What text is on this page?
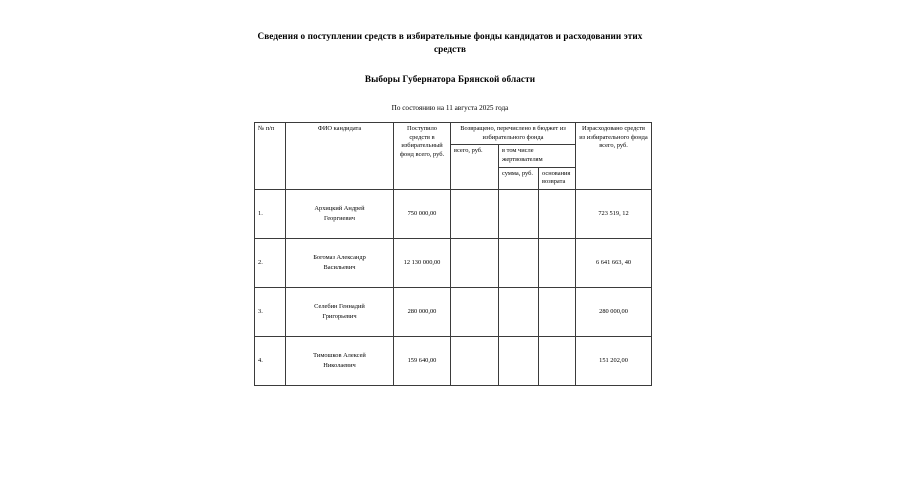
Сведения о поступлении средств в избирательные фонды кандидатов и расходовании этих средств
Выборы Губернатора Брянской области
По состоянию на 11 августа 2025 года
№ п/п	ФИО кандидата	Поступило средств в избирательный фонд всего, руб.	Возвращено, перечислено в бюджет из избирательного фонда			Израсходовано средств из избирательного фонда всего, руб.
			всего, руб.	в том числе жертвователям		
				сумма, руб.	основания возврата	
1.	Архицкий Андрей
Георгиевич	750 000,00				723 519, 12
2.	Богомаз Александр
Васильевич	12 130 000,00				6 641 663, 40
3.	Селебин Геннадий
Григорьевич	280 000,00				280 000,00
4.	Тимошков Алексей
Николаевич	159 640,00				151 202,00
